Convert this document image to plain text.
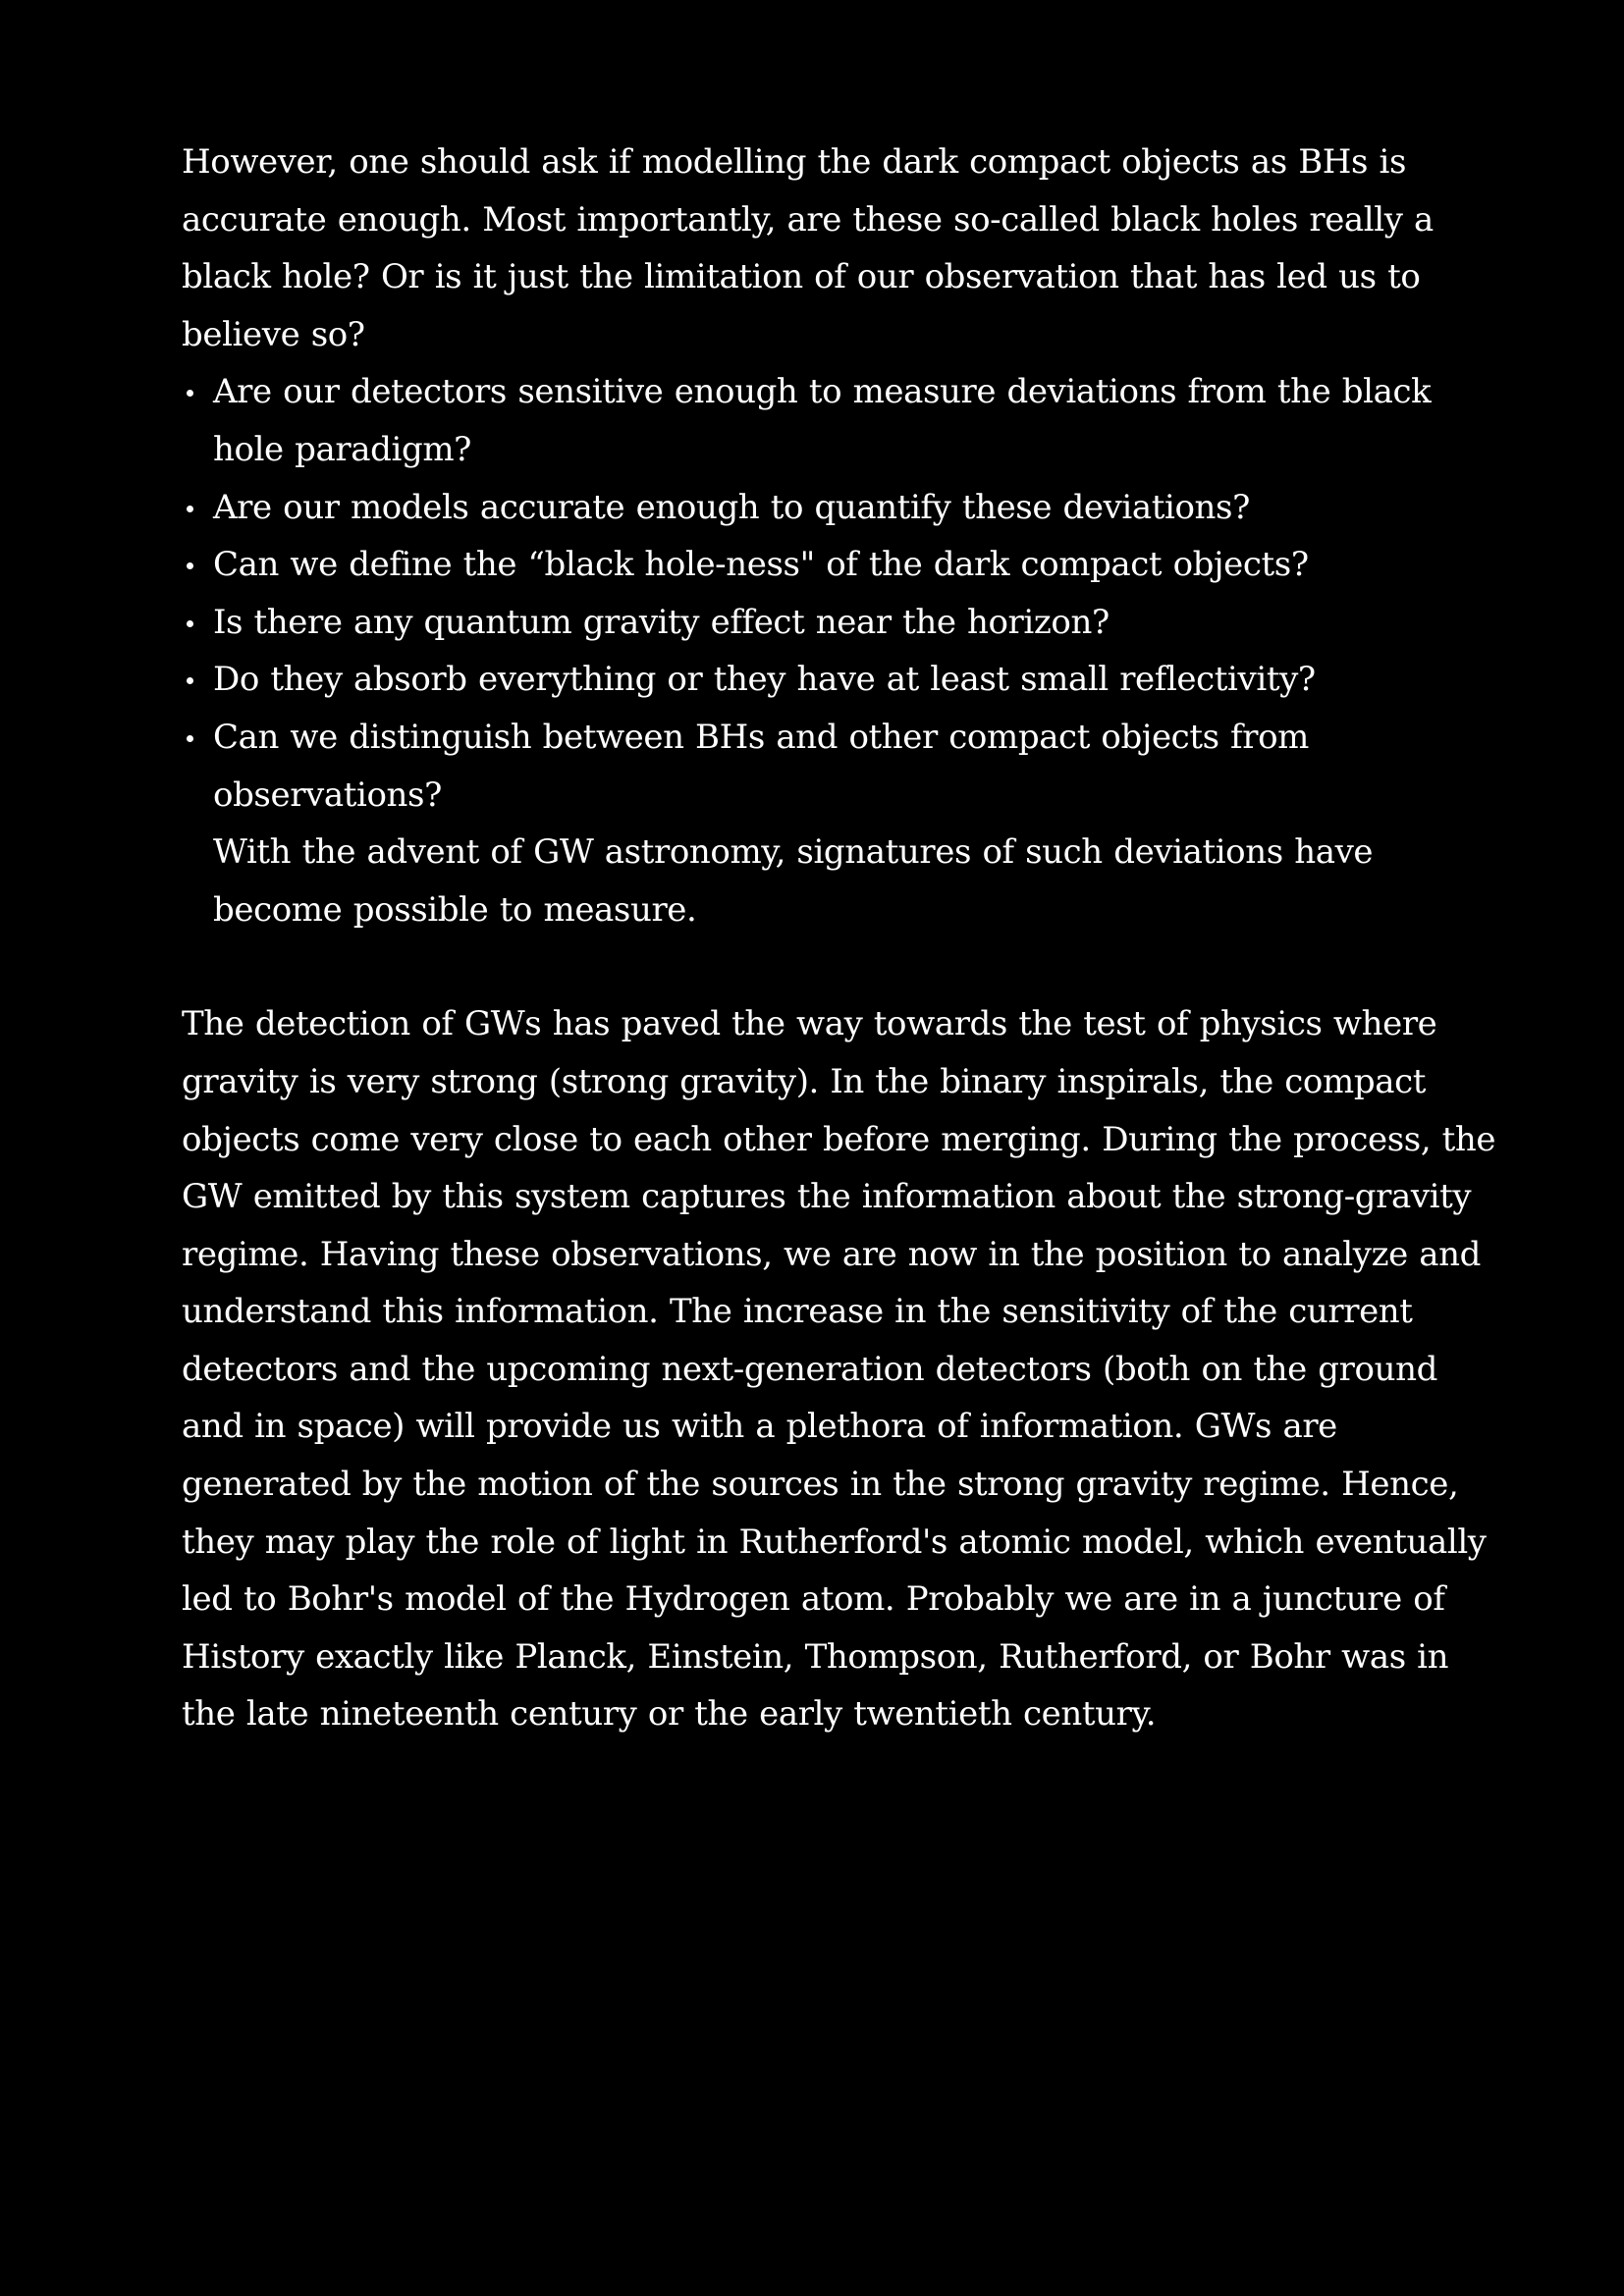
However, one should ask if modelling the dark compact objects as BHs is accurate enough. Most importantly, are these so-called black holes really a black hole? Or is it just the limitation of our observation that has led us to believe so?

Are our detectors sensitive enough to measure deviations from the black hole paradigm?
Are our models accurate enough to quantify these deviations?
Can we define the “black hole-ness" of the dark compact objects?
Is there any quantum gravity effect near the horizon?
Do they absorb everything or they have at least small reflectivity?
Can we distinguish between BHs and other compact objects from observations?

With the advent of GW astronomy, signatures of such deviations have become possible to measure.

The detection of GWs has paved the way towards the test of physics where gravity is very strong (strong gravity). In the binary inspirals, the compact objects come very close to each other before merging. During the process, the GW emitted by this system captures the information about the strong-gravity regime. Having these observations, we are now in the position to analyze and understand this information. The increase in the sensitivity of the current detectors and the upcoming next-generation detectors (both on the ground and in space) will provide us with a plethora of information. GWs are generated by the motion of the sources in the strong gravity regime. Hence, they may play the role of light in Rutherford's atomic model, which eventually led to Bohr's model of the Hydrogen atom. Probably we are in a juncture of History exactly like Planck, Einstein, Thompson, Rutherford, or Bohr was in the late nineteenth century or the early twentieth century.
